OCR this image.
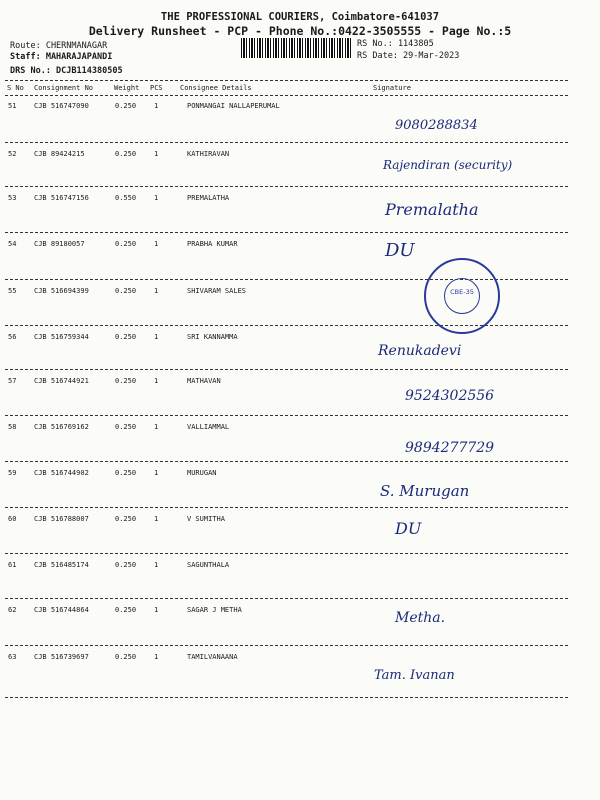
THE PROFESSIONAL COURIERS, Coimbatore-641037
Delivery Runsheet - PCP - Phone No.:0422-3505555 - Page No.:5
Route: CHERNMANAGAR
Staff: MAHARAJAPANDI
DRS No.: DCJB114380505
RS No.: 1143805
RS Date: 29-Mar-2023
S No Consignment No	Weight PCS Consignee Details	Signature
51	CJB 516747090	0.250	1	PONMANGAI NALLAPERUMAL
9080288834
52	CJB 89424215	0.250	1	KATHIRAVAN
Rajendiran (security)
53	CJB 516747156	0.550	1	PREMALATHA
Premalatha
54	CJB 89180057	0.250	1	PRABHA KUMAR	DU
55	CJB 516694399	0.250	1	SHIVARAM SALES
56	CJB 516759344	0.250	1	SRI KANNAMMA
Renukadevi
57	CJB 516744921	0.250	1	MATHAVAN
9524302556
58	CJB 516769162	0.250	1	VALLIAMMAL
9894277729
59	CJB 516744902	0.250	1	MURUGAN
S. Murugan
60	CJB 516788007	0.250	1	V SUMITHA	DU
61	CJB 516485174	0.250	1	SAGUNTHALA
62	CJB 516744864	0.250	1	SAGAR J METHA	Metha.
63	CJB 516739697	0.250	1	TAMILVANAANA
Tam. Ivanan
CBE-35
